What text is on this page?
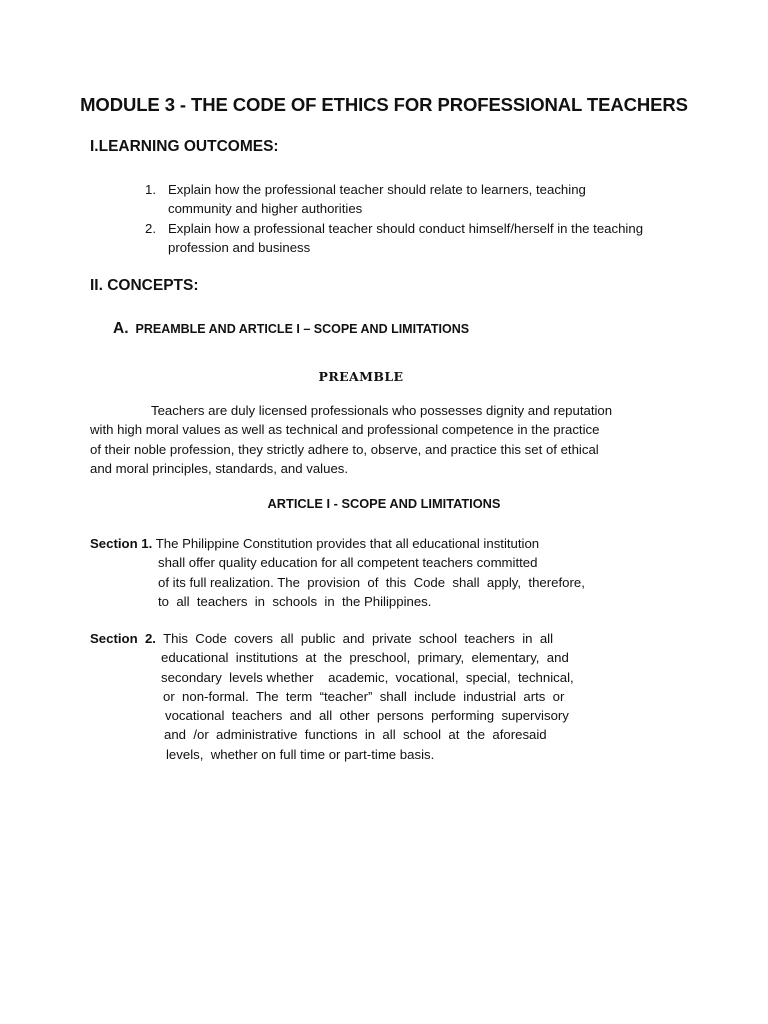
MODULE 3 - THE CODE OF ETHICS FOR PROFESSIONAL TEACHERS
I.LEARNING OUTCOMES:
1. Explain how the professional teacher should relate to learners, teaching
community and higher authorities
2. Explain how a professional teacher should conduct himself/herself in the teaching
profession and business
II. CONCEPTS:
A. PREAMBLE AND ARTICLE I – SCOPE AND LIMITATIONS
PREAMBLE
Teachers are duly licensed professionals who possesses dignity and reputation
with high moral values as well as technical and professional competence in the practice
of their noble profession, they strictly adhere to, observe, and practice this set of ethical
and moral principles, standards, and values.
ARTICLE I - SCOPE AND LIMITATIONS
Section 1. The Philippine Constitution provides that all educational institution
shall offer quality education for all competent teachers committed
of its full realization. The  provision  of  this  Code  shall  apply,  therefore,
to  all  teachers  in  schools  in  the Philippines.
Section  2. This  Code  covers  all  public  and  private  school  teachers  in  all
educational  institutions  at  the  preschool,  primary,  elementary,  and
secondary  levels whether    academic,  vocational,  special,  technical,
or  non-formal.  The  term  “teacher”  shall  include  industrial  arts  or
vocational  teachers  and  all  other  persons  performing  supervisory
and  /or  administrative  functions  in  all  school  at  the  aforesaid
levels,  whether on full time or part-time basis.
